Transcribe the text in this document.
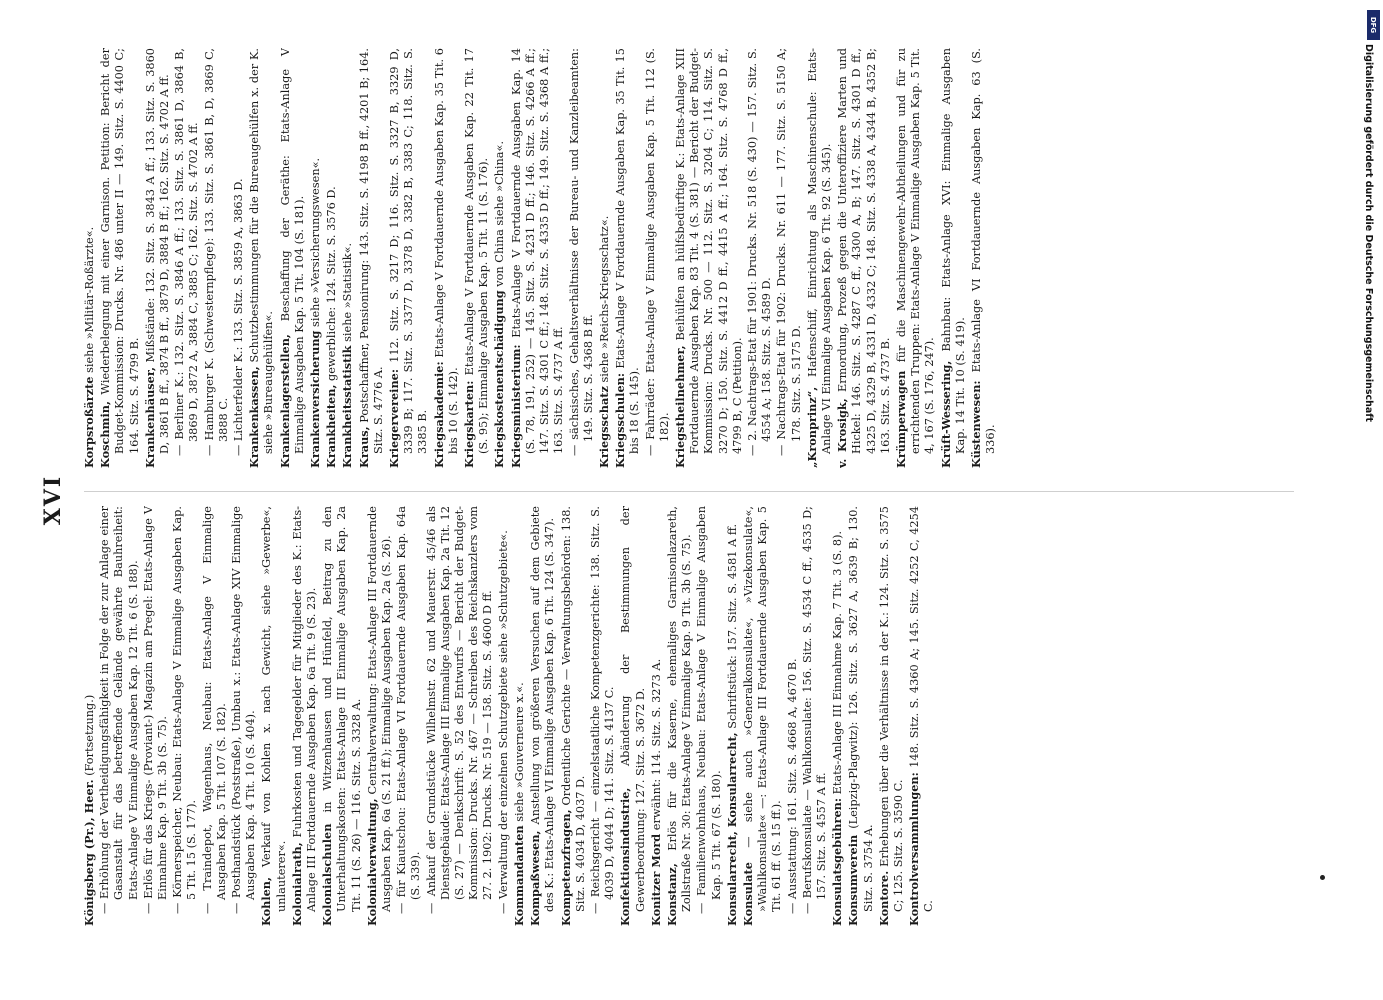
XVI
Königsberg (Pr.), Heer. (Fortsetzung.) — Erhöhung der Vertheidigungsfähigkeit in Folge der zur Anlage einer Gasanstalt für das betreffende Gelände gewährte Bauhreiheit: Etats-Anlage V Einmalige Ausgaben Kap. 12 Tit. 6 (S. 188). — Erlös für das Kriegs- (Proviant-) Magazin am Pregel: Etats-Anlage V Einnahme Kap. 9 Tit. 3b (S. 75). — Körnerspeicher, Neubau: Etats-Anlage V Einmalige Ausgaben Kap. 5 Tit. 15 (S. 177). — Traindepot, Wagenhaus, Neubau: Etats-Anlage V Einmalige Ausgaben Kap. 5 Tit. 107 (S. 182). — Posthandstück (Poststraße), Umbau x.: Etats-Anlage XIV Einmalige Ausgaben Kap. 4 Tit. 10 (S. 404).
Kohlen, Verkauf von Kohlen x. nach Gewicht, siehe »Gewerbe«, unlauterer«. Kolonialrath, Fuhrkosten und Tagegelder für Mitglieder des K.: Etats-Anlage III Fortdauernde Ausgaben Kap. 6a Tit. 9 (S. 23). Kolonialschulen in Witzenhausen und Hünfeld, Beitrag zu den Unterhaltungskosten: Etats-Anlage III Einmalige Ausgaben Kap. 2a Tit. 11 (S. 26) — 116. Sitz. S. 3328 A. Kolonialverwaltung, Centralverwaltung: Etats-Anlage III Fortdauernde Ausgaben Kap. 6a (S. 21 ff.); Einmalige Ausgaben Kap. 2a (S. 26). — für Kiautschou: Etats-Anlage VI Fortdauernde Ausgaben Kap. 64a (S. 339). — Ankauf der Grundstücke Wilhelmstr. 62 und Mauerstr. 45/46 als Dienstgebäude: Etats-Anlage III Einmalige Ausgaben Kap. 2a Tit. 12 (S. 27) — Denkschrift: S. 52 des Entwurfs — Bericht der Budget-Kommission: Drucks. Nr. 467 — Schreiben des Reichskanzlers vom 27. 2. 1902: Drucks. Nr. 519 — 158. Sitz. S. 4600 D ff. — Verwaltung der einzelnen Schutzgebiete siehe »Schutzgebiete«. Kommandanten siehe »Gouverneure x.«.
Kompaßwesen, Anstellung von größeren Versuchen auf dem Gebiete des K.: Etats-Anlage VI Einmalige Ausgaben Kap. 6 Tit. 124 (S. 347). Kompetenzfragen, Ordentliche Gerichte — Verwaltungsbehörden: 138. Sitz. S. 4034 D, 4037 D. — Reichsgericht — einzelstaatliche Kompetenzgerichte: 138. Sitz. S. 4039 D, 4044 D; 141. Sitz. S. 4137 C. Konfektionsindustrie, Abänderung der Bestimmungen der Gewerbeordnung: 127. Sitz. S. 3672 D. Konitzer Mord erwähnt: 114. Sitz. S. 3273 A.
Konstanz, Erlös für die Kaserne, ehemaliges Garnisonlazareth, Zollstraße Nr. 30: Etats-Anlage V Einmalige Kap. 9 Tit. 3b (S. 75). — Familienwohnhaus, Neubau: Etats-Anlage V Einmalige Ausgaben Kap. 5 Tit. 67 (S. 180). Konsularrecht, Konsularrecht, Schriftstück: 157. Sitz. S. 4581 A ff.
Konsulate — siehe auch »Generalkonsulate«, »Vizekonsulate«, »Wahlkonsulate« —: Etats-Anlage III Fortdauernde Ausgaben Kap. 5 Tit. 61 ff. (S. 15 ff.). — Ausstattung: 161. Sitz. S. 4668 A, 4670 B. — Berufskonsulate — Wahlkonsulate: 156. Sitz. S. 4534 C ff., 4535 D; 157. Sitz. S. 4557 A ff. Konsulatsgebühren: Etats-Anlage III Einnahme Kap. 7 Tit. 3 (S. 8).
Konsumverein (Leipzig-Plagwitz): 126. Sitz. S. 3627 A, 3639 B; 130. Sitz. S. 3754 A. Kontore. Erhebungen über die Verhältnisse in der K.: 124. Sitz. S. 3575 C; 125. Sitz. S. 3590 C. Kontrolversammlungen: 148. Sitz. S. 4360 A; 145. Sitz. 4252 C, 4254 C.
Korpsroßärzte siehe »Militär-Roßärzte«.
Koschmin, Wiederbelegung mit einer Garnison. Petition: Bericht der Budget-Kommission: Drucks. Nr. 486 unter II — 149. Sitz. S. 4400 C; 164. Sitz. S. 4799 B. Krankenhäuser, Mißstände: 132. Sitz. S. 3843 A ff.; 133. Sitz. S. 3860 D, 3861 B ff., 3874 B ff., 3879 D, 3884 B ff.; 162. Sitz. S. 4702 A ff. — Berliner K.: 132. Sitz. S. 3846 A ff.; 133. Sitz. S. 3861 D, 3864 B, 3869 D, 3872 A, 3884 C, 3885 C; 162. Sitz. S. 4702 A ff. — Hamburger K. (Schwesternpflege): 133. Sitz. S. 3861 B, D, 3869 C, 3888 C. — Lichterfelder K.: 133. Sitz. S. 3859 A, 3863 D. Krankenkassen, Schutzbestimmungen für die Bureaugehülfen x. der K. siehe »Bureaugehülfen«. Krankenlagerstellen, Beschaffung der Geräthe: Etats-Anlage V Einmalige Ausgaben Kap. 5 Tit. 104 (S. 181). Krankenversicherung siehe »Versicherungswesen«.
Krankheiten, gewerbliche: 124. Sitz. S. 3576 D.
Krankheitsstatistik siehe »Statistik«.
Kraus, Postschaffner, Pensionirung: 143. Sitz. S. 4198 B ff., 4201 B; 164. Sitz. S. 4776 A. Kriegervereine: 112. Sitz. S. 3217 D; 116. Sitz. S. 3327 B, 3329 D, 3339 B; 117. Sitz. S. 3377 D, 3378 D, 3382 B, 3383 C; 118. Sitz. S. 3385 B. Kriegsakademie: Etats-Anlage V Fortdauernde Ausgaben Kap. 35 Tit. 6 bis 10 (S. 142). Kriegskarten: Etats-Anlage V Fortdauernde Ausgaben Kap. 22 Tit. 17 (S. 95); Einmalige Ausgaben Kap. 5 Tit. 11 (S. 176). Kriegskostenentschädigung von China siehe »China«.
Kriegsministerium: Etats-Anlage V Fortdauernde Ausgaben Kap. 14 (S. 78, 191, 252) — 145. Sitz. S. 4231 D ff.; 146. Sitz. S. 4266 A ff.; 147. Sitz. S. 4301 C ff.; 148. Sitz. S. 4335 D ff.; 149. Sitz. S. 4368 A ff.; 163. Sitz. S. 4737 A ff. — sächsisches, Gehaltsverhältnisse der Bureau- und Kanzleibeamten: 149. Sitz. S. 4368 B ff. Kriegsschatz siehe »Reichs-Kriegsschatz«.
Kriegsschulen: Etats-Anlage V Fortdauernde Ausgaben Kap. 35 Tit. 15 bis 18 (S. 145). — Fahrräder: Etats-Anlage V Einmalige Ausgaben Kap. 5 Tit. 112 (S. 182). Kriegstheilnehmer, Beihülfen an hülfsbedürftige K.: Etats-Anlage XIII Fortdauernde Ausgaben Kap. 83 Tit. 4 (S. 381) — Bericht der Budget-Kommission: Drucks. Nr. 500 — 112. Sitz. S. 3204 C; 114. Sitz. S. 3270 D; 150. Sitz. S. 4412 D ff., 4415 A ff.; 164. Sitz. S. 4768 D ff., 4799 B, C (Petition). — 2. Nachtrags-Etat für 1901: Drucks. Nr. 518 (S. 430) — 157. Sitz. S. 4554 A; 158. Sitz. S. 4589 D. — Nachtrags-Etat für 1902: Drucks. Nr. 611 — 177. Sitz. S. 5150 A; 178. Sitz. S. 5175 D. „Kronprinz“, Hafenschiff, Einrichtung als Maschinenschule: Etats-Anlage VI Einmalige Ausgaben Kap. 6 Tit. 92 (S. 345). v. Krosigk, Ermordung, Prozeß gegen die Unteroffiziere Marten und Hickel: 146. Sitz. S. 4287 C ff., 4300 A, B; 147. Sitz. S. 4301 D ff., 4325 D, 4329 B, 4331 D, 4332 C; 148. Sitz. S. 4338 A, 4344 B, 4352 B; 163. Sitz. S. 4737 B. Krümperwagen für die Maschinengewehr-Abtheilungen und für zu errichtenden Truppen: Etats-Anlage V Einmalige Ausgaben Kap. 5 Tit. 4, 167 (S. 176, 247). Krüft-Wessering, Bahnbau: Etats-Anlage XVI: Einmalige Ausgaben Kap. 14 Tit. 10 (S. 419). Küstenwesen: Etats-Anlage VI Fortdauernde Ausgaben Kap. 63 (S. 336).
DFG
Digitalisierung gefördert durch die Deutsche Forschungsgemeinschaft
